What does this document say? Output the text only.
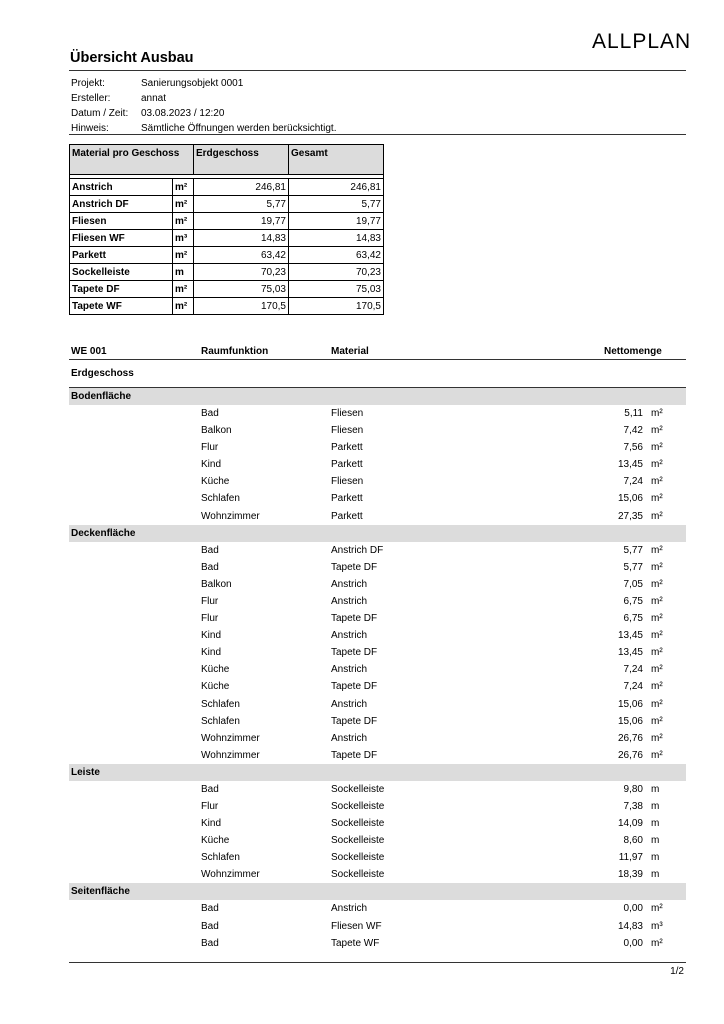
ALLPLAN
Übersicht Ausbau
Projekt:	Sanierungsobjekt 0001
Ersteller:	annat
Datum / Zeit:	03.08.2023 / 12:20
Hinweis:	Sämtliche Öffnungen werden berücksichtigt.
Material pro Geschoss		Erdgeschoss	Gesamt

Anstrich	m²	246,81	246,81
Anstrich DF	m²	5,77	5,77
Fliesen	m²	19,77	19,77
Fliesen WF	m³	14,83	14,83
Parkett	m²	63,42	63,42
Sockelleiste	m	70,23	70,23
Tapete DF	m²	75,03	75,03
Tapete WF	m²	170,5	170,5
WE 001	Raumfunktion	Material	Nettomenge
Erdgeschoss
Bodenfläche
Bad	Fliesen	5,11 m²
Balkon	Fliesen	7,42 m²
Flur	Parkett	7,56 m²
Kind	Parkett	13,45 m²
Küche	Fliesen	7,24 m²
Schlafen	Parkett	15,06 m²
Wohnzimmer	Parkett	27,35 m²
Deckenfläche
Bad	Anstrich DF	5,77 m²
Bad	Tapete DF	5,77 m²
Balkon	Anstrich	7,05 m²
Flur	Anstrich	6,75 m²
Flur	Tapete DF	6,75 m²
Kind	Anstrich	13,45 m²
Kind	Tapete DF	13,45 m²
Küche	Anstrich	7,24 m²
Küche	Tapete DF	7,24 m²
Schlafen	Anstrich	15,06 m²
Schlafen	Tapete DF	15,06 m²
Wohnzimmer	Anstrich	26,76 m²
Wohnzimmer	Tapete DF	26,76 m²
Leiste
Bad	Sockelleiste	9,80 m
Flur	Sockelleiste	7,38 m
Kind	Sockelleiste	14,09 m
Küche	Sockelleiste	8,60 m
Schlafen	Sockelleiste	11,97 m
Wohnzimmer	Sockelleiste	18,39 m
Seitenfläche
Bad	Anstrich	0,00 m²
Bad	Fliesen WF	14,83 m³
Bad	Tapete WF	0,00 m²
1/2
